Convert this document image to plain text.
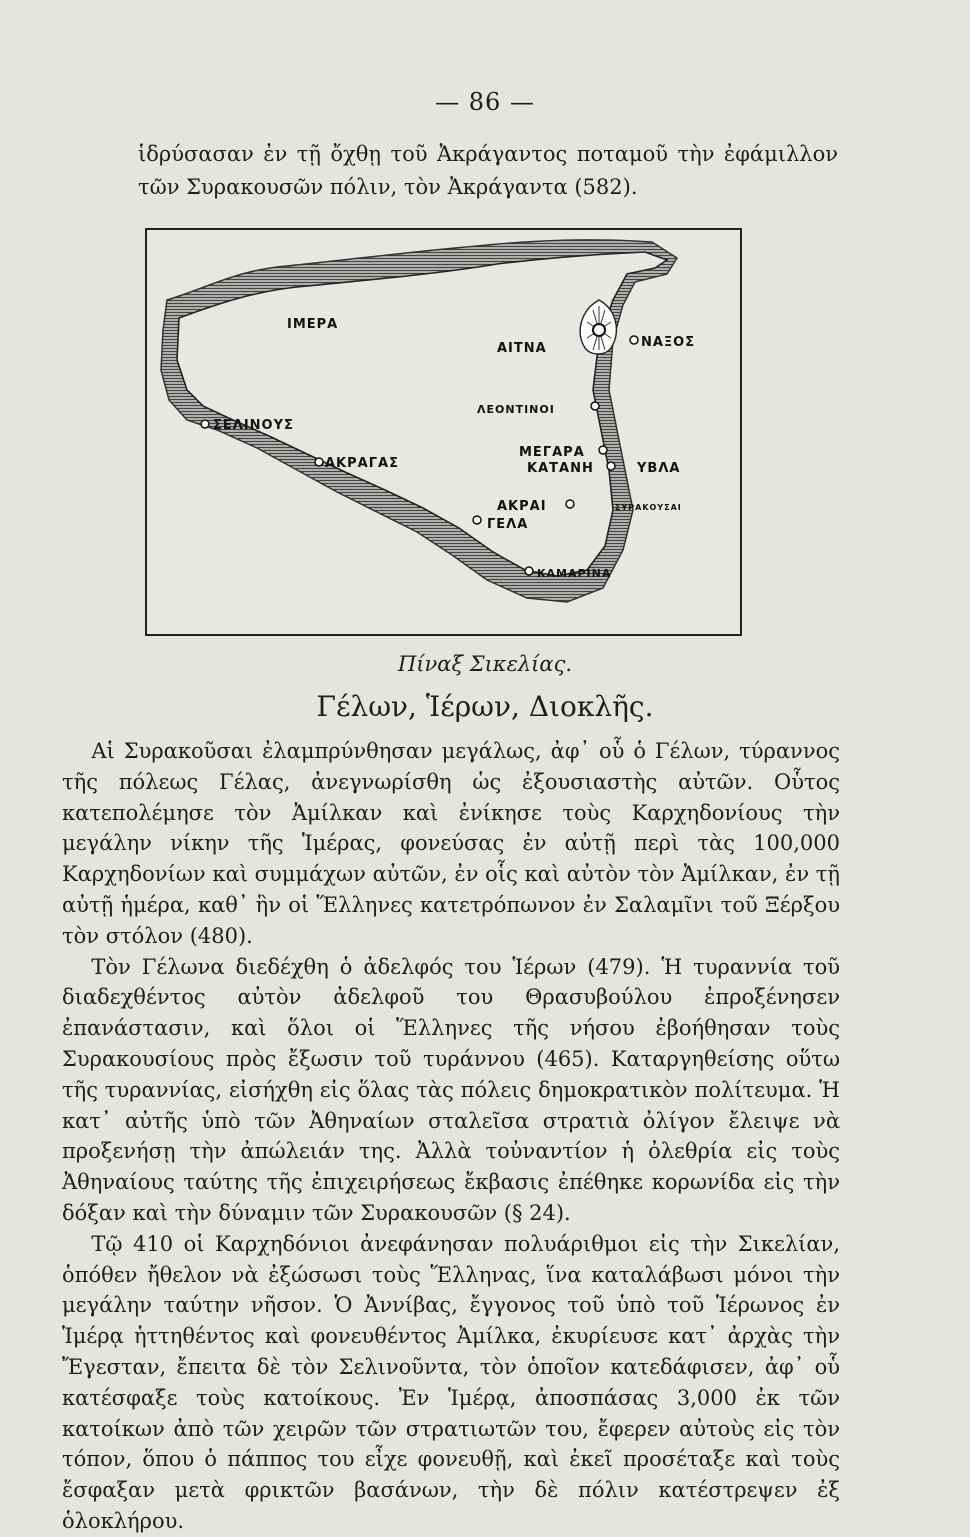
— 86 —
ἱδρύσασαν ἐν τῇ ὄχθῃ τοῦ Ἀκράγαντος ποταμοῦ τὴν ἐφάμιλλον τῶν Συρακουσῶν πόλιν, τὸν Ἀκράγαντα (582).
ΙΜΕΡΑ
ΑΙΤΝΑ	ΝΑΞΟΣ
ΛΕΟΝΤΙΝΟΙ
ΣΕΛΙΝΟΥΣ
ΑΚΡΑΓΑΣ
ΜΕΓΑΡΑ
ΚΑΤΑΝΗ	ΥΒΛΑ
ΑΚΡΑΙ
ΓΕΛΑ
ΣΥΡΑΚΟΥΣΑΙ
ΚΑΜΑΡΙΝΑ
Πίναξ Σικελίας.
Γέλων, Ἱέρων, Διοκλῆς.

Αἱ Συρακοῦσαι ἐλαμπρύνθησαν μεγάλως, ἀφ᾽ οὗ ὁ Γέλων, τύραννος τῆς πόλεως Γέλας, ἀνεγνωρίσθη ὡς ἐξουσιαστὴς αὐτῶν. Οὗτος κατεπολέμησε τὸν Ἀμίλκαν καὶ ἐνίκησε τοὺς Καρχηδονίους τὴν μεγάλην νίκην τῆς Ἱμέρας, φονεύσας ἐν αὐτῇ περὶ τὰς 100,000 Καρχηδονίων καὶ συμμάχων αὐτῶν, ἐν οἷς καὶ αὐτὸν τὸν Ἀμίλκαν, ἐν τῇ αὐτῇ ἡμέρα, καθ᾽ ἣν οἱ Ἕλληνες κατετρόπωνον ἐν Σαλαμῖνι τοῦ Ξέρξου τὸν στόλον (480).

Τὸν Γέλωνα διεδέχθη ὁ ἀδελφός του Ἱέρων (479). Ἡ τυραννία τοῦ διαδεχθέντος αὐτὸν ἀδελφοῦ του Θρασυβούλου ἐπροξένησεν ἐπανάστασιν, καὶ ὅλοι οἱ Ἕλληνες τῆς νήσου ἐβοήθησαν τοὺς Συρακουσίους πρὸς ἔξωσιν τοῦ τυράννου (465). Καταργηθείσης οὕτω τῆς τυραννίας, εἰσήχθη εἰς ὅλας τὰς πόλεις δημοκρατικὸν πολίτευμα. Ἡ κατ᾽ αὐτῆς ὑπὸ τῶν Ἀθηναίων σταλεῖσα στρατιὰ ὀλίγον ἔλειψε νὰ προξενήσῃ τὴν ἀπώλειάν της. Ἀλλὰ τοὐναντίον ἡ ὀλεθρία εἰς τοὺς Ἀθηναίους ταύτης τῆς ἐπιχειρήσεως ἔκβασις ἐπέθηκε κορωνίδα εἰς τὴν δόξαν καὶ τὴν δύναμιν τῶν Συρακουσῶν (§ 24).

Τῷ 410 οἱ Καρχηδόνιοι ἀνεφάνησαν πολυάριθμοι εἰς τὴν Σικελίαν, ὁπόθεν ἤθελον νὰ ἐξώσωσι τοὺς Ἕλληνας, ἵνα καταλάβωσι μόνοι τὴν μεγάλην ταύτην νῆσον. Ὁ Ἀννίβας, ἔγγονος τοῦ ὑπὸ τοῦ Ἱέρωνος ἐν Ἱμέρᾳ ἡττηθέντος καὶ φονευθέντος Ἀμίλκα, ἐκυρίευσε κατ᾽ ἀρχὰς τὴν Ἔγεσταν, ἔπειτα δὲ τὸν Σελινοῦντα, τὸν ὁποῖον κατεδάφισεν, ἀφ᾽ οὗ κατέσφαξε τοὺς κατοίκους. Ἐν Ἱμέρᾳ, ἀποσπάσας 3,000 ἐκ τῶν κατοίκων ἀπὸ τῶν χειρῶν τῶν στρατιωτῶν του, ἔφερεν αὐτοὺς εἰς τὸν τόπον, ὅπου ὁ πάππος του εἶχε φονευθῇ, καὶ ἐκεῖ προσέταξε καὶ τοὺς ἔσφαξαν μετὰ φρικτῶν βασάνων, τὴν δὲ πόλιν κατέστρεψεν ἐξ ὁλοκλήρου.
